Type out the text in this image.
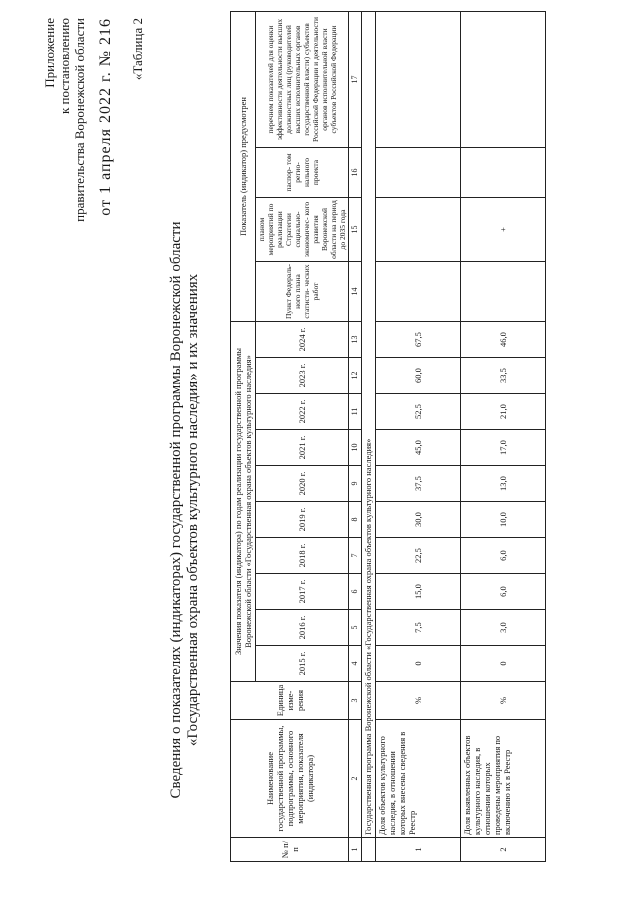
Приложение к постановлению правительства Воронежской области от 1 апреля 2022 г. № 216 «Таблица 2
Сведения о показателях (индикаторах) государственной программы Воронежской области «Государственная охрана объектов культурного наследия» и их значениях
№ п/п	Наименование государственной программы, подпрограммы, основного мероприятия, показателя (индикатора)	Единица изме- рения	Значения показателя (индикатора) по годам реализации государственной программы Воронежской области «Государственная охрана объектов культурного наследия»										Показатель (индикатор) предусмотрен			
			2015 г.	2016 г.	2017 г.	2018 г.	2019 г.	2020 г.	2021 г.	2022 г.	2023 г.	2024 г.	Пункт Федераль- ного плана статисти- ческих работ	планом мероприятий по реализации Стратегии социально- экономичес- кого развития Воронежской области на период до 2035 года	паспор- том регио- нального проекта	перечнем показателей для оценки эффективности деятельности высших должностных лиц (руководителей высших исполнительных органов государственной власти) субъектов Российской Федерации и деятельности органов исполнительной власти субъектов Российской Федерации

1	2	3	4	5	6	7	8	9	10	11	12	13	14	15	16	17
	Государственная программа Воронежской области «Государственная охрана объектов культурного наследия»															
1	Доля объектов культурного наследия, в отношении которых внесены сведения в Реестр	%	0	7,5	15,0	22,5	30,0	37,5	45,0	52,5	60,0	67,5				
2	Доля выявленных объектов культурного наследия, в отношении которых проведены мероприятия по включению их в Реестр	%	0	3,0	6,0	6,0	10,0	13,0	17,0	21,0	33,5	46,0		+		
